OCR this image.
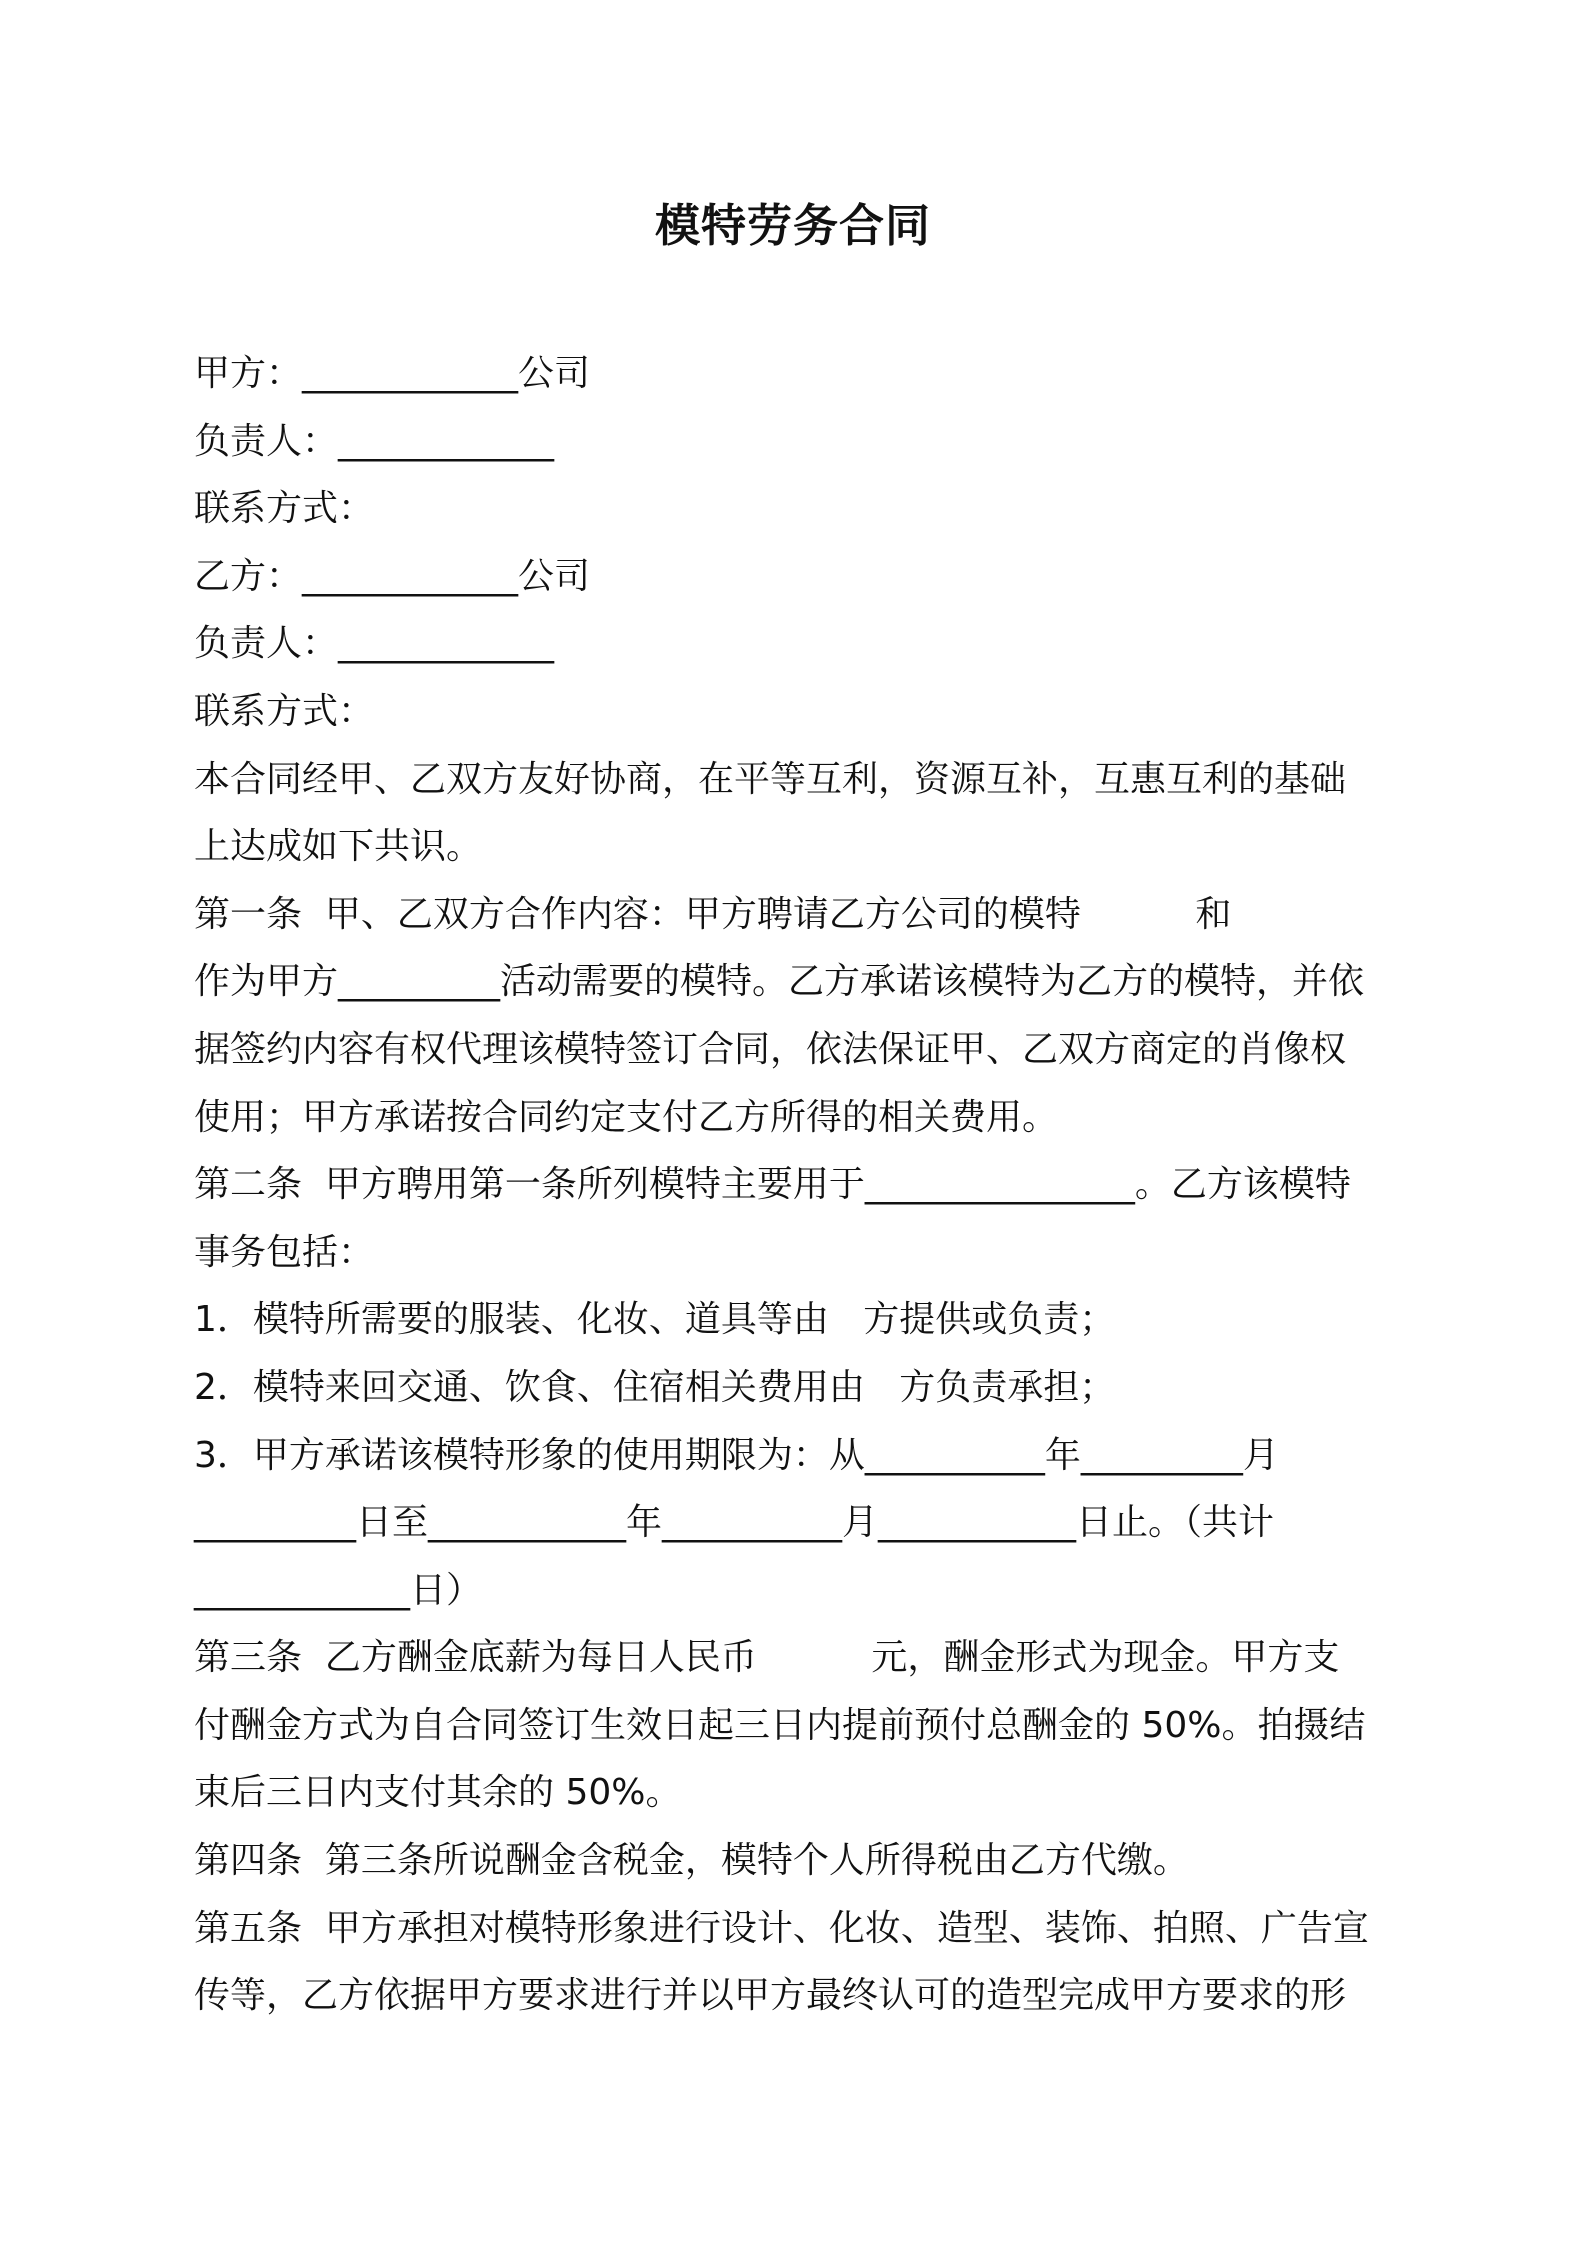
模特劳务合同
甲方：____________公司
负责人：____________
联系方式：
乙方：____________公司
负责人：____________
联系方式：
本合同经甲、乙双方友好协商，在平等互利，资源互补，互惠互利的基础
上达成如下共识。
第一条  甲、乙双方合作内容：甲方聘请乙方公司的模特          和
作为甲方_________活动需要的模特。乙方承诺该模特为乙方的模特，并依
据签约内容有权代理该模特签订合同，依法保证甲、乙双方商定的肖像权
使用；甲方承诺按合同约定支付乙方所得的相关费用。
第二条  甲方聘用第一条所列模特主要用于_______________。乙方该模特
事务包括：
1．模特所需要的服装、化妆、道具等由   方提供或负责；
2．模特来回交通、饮食、住宿相关费用由   方负责承担；
3．甲方承诺该模特形象的使用期限为：从__________年_________月
_________日至___________年__________月___________日止。（共计
____________日）
第三条  乙方酬金底薪为每日人民币          元，酬金形式为现金。甲方支
付酬金方式为自合同签订生效日起三日内提前预付总酬金的 50%。拍摄结
束后三日内支付其余的 50%。
第四条  第三条所说酬金含税金，模特个人所得税由乙方代缴。
第五条  甲方承担对模特形象进行设计、化妆、造型、装饰、拍照、广告宣
传等，乙方依据甲方要求进行并以甲方最终认可的造型完成甲方要求的形
